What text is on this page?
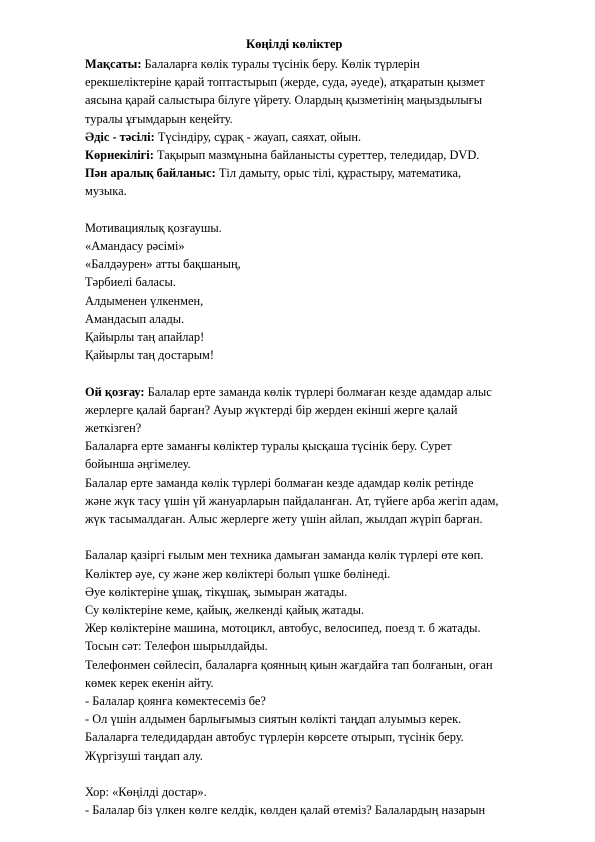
Көңілді көліктер

Мақсаты: Балаларға көлік туралы түсінік беру. Көлік түрлерін

ерекшеліктеріне қарай топтастырып (жерде, суда, әуеде), атқаратын қызмет

аясына қарай салыстыра білуге үйрету. Олардың қызметінің маңыздылығы

туралы ұғымдарын кеңейту.

Әдіс - тәсілі: Түсіндіру, сұрақ - жауап, саяхат, ойын.

Көрнекілігі: Тақырып мазмұнына байланысты суреттер, теледидар, DVD.

Пән аралық байланыс: Тіл дамыту, орыс тілі, құрастыру, математика,

музыка.

Мотивациялық қозғаушы.

«Амандасу рәсімі»

«Балдәурен» атты бақшаның,

Тәрбиелі баласы.

Алдыменен үлкенмен,

Амандасып алады.

Қайырлы таң апайлар!

Қайырлы таң достарым!

Ой қозғау: Балалар ерте заманда көлік түрлері болмаған кезде адамдар алыс

жерлерге қалай барған? Ауыр жүктерді бір жерден екінші жерге қалай

жеткізген?

Балаларға ерте заманғы көліктер туралы қысқаша түсінік беру. Сурет

бойынша әңгімелеу.

Балалар ерте заманда көлік түрлері болмаған кезде адамдар көлік ретінде

және жүк тасу үшін үй жануарларын пайдаланған. Ат, түйеге арба жегіп адам,

жүк тасымалдаған. Алыс жерлерге жету үшін айлап, жылдап жүріп барған.

Балалар қазіргі ғылым мен техника дамыған заманда көлік түрлері өте көп.

Көліктер әуе, су және жер көліктері болып үшке бөлінеді.

Әуе көліктеріне ұшақ, тікұшақ, зымыран жатады.

Су көліктеріне кеме, қайық, желкенді қайық жатады.

Жер көліктеріне машина, мотоцикл, автобус, велосипед, поезд т. б жатады.

Тосын сәт: Телефон шырылдайды.

Телефонмен сөйлесіп, балаларға қоянның қиын жағдайға тап болғанын, оған

көмек керек екенін айту.

- Балалар қоянға көмектесеміз бе?

- Ол үшін алдымен барлығымыз сиятын көлікті таңдап алуымыз керек.

Балаларға теледидардан автобус түрлерін көрсете отырып, түсінік беру.

Жүргізуші таңдап алу.

Хор: «Көңілді достар».

- Балалар біз үлкен көлге келдік, көлден қалай өтеміз? Балалардың назарын
